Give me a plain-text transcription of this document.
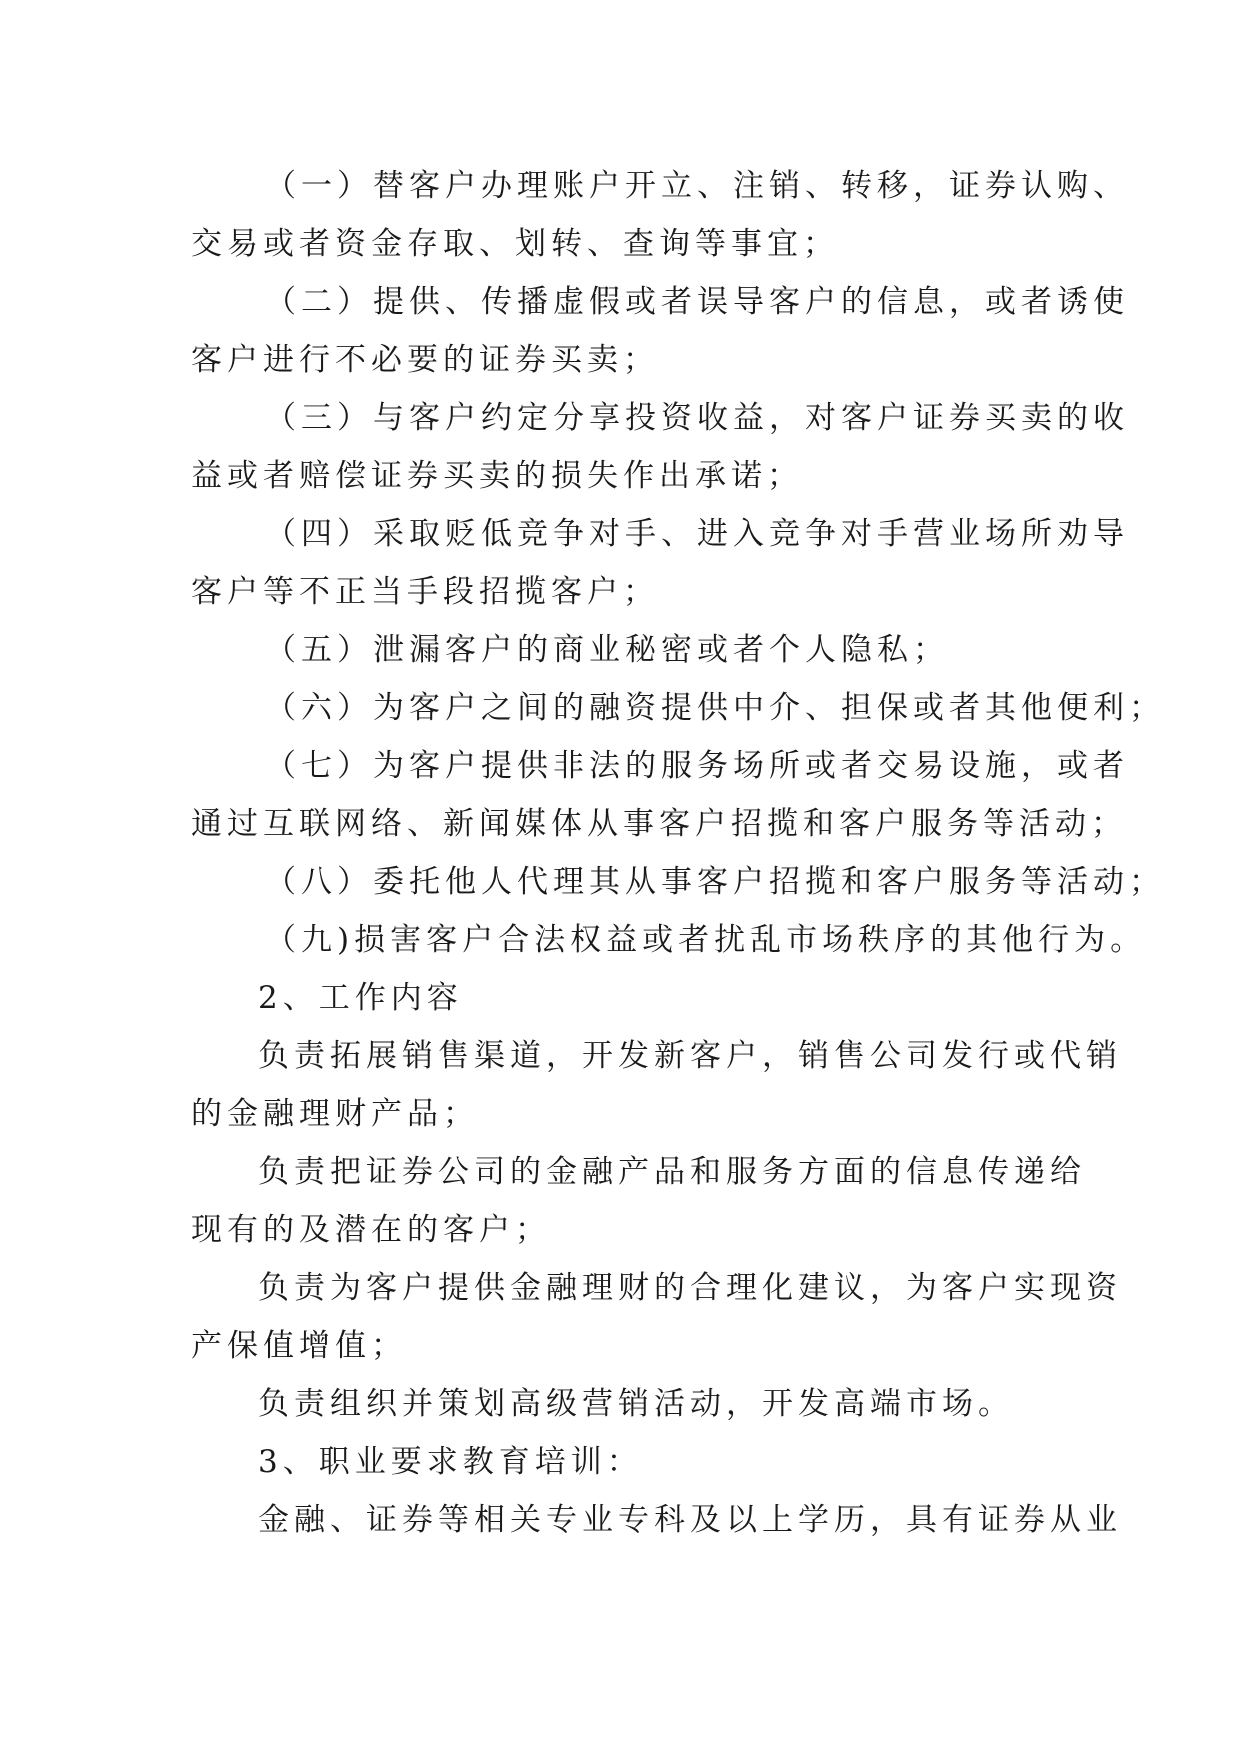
（一）替客户办理账户开立、注销、转移，证券认购、
交易或者资金存取、划转、查询等事宜；
（二）提供、传播虚假或者误导客户的信息，或者诱使
客户进行不必要的证券买卖；
（三）与客户约定分享投资收益，对客户证券买卖的收
益或者赔偿证券买卖的损失作出承诺；
（四）采取贬低竞争对手、进入竞争对手营业场所劝导
客户等不正当手段招揽客户；
（五）泄漏客户的商业秘密或者个人隐私；
（六）为客户之间的融资提供中介、担保或者其他便利；
（七）为客户提供非法的服务场所或者交易设施，或者
通过互联网络、新闻媒体从事客户招揽和客户服务等活动；
（八）委托他人代理其从事客户招揽和客户服务等活动；
（九)损害客户合法权益或者扰乱市场秩序的其他行为。
2、工作内容
负责拓展销售渠道，开发新客户，销售公司发行或代销
的金融理财产品；
负责把证券公司的金融产品和服务方面的信息传递给
现有的及潜在的客户；
负责为客户提供金融理财的合理化建议，为客户实现资
产保值增值；
负责组织并策划高级营销活动，开发高端市场。
3、职业要求教育培训：
金融、证券等相关专业专科及以上学历，具有证券从业
